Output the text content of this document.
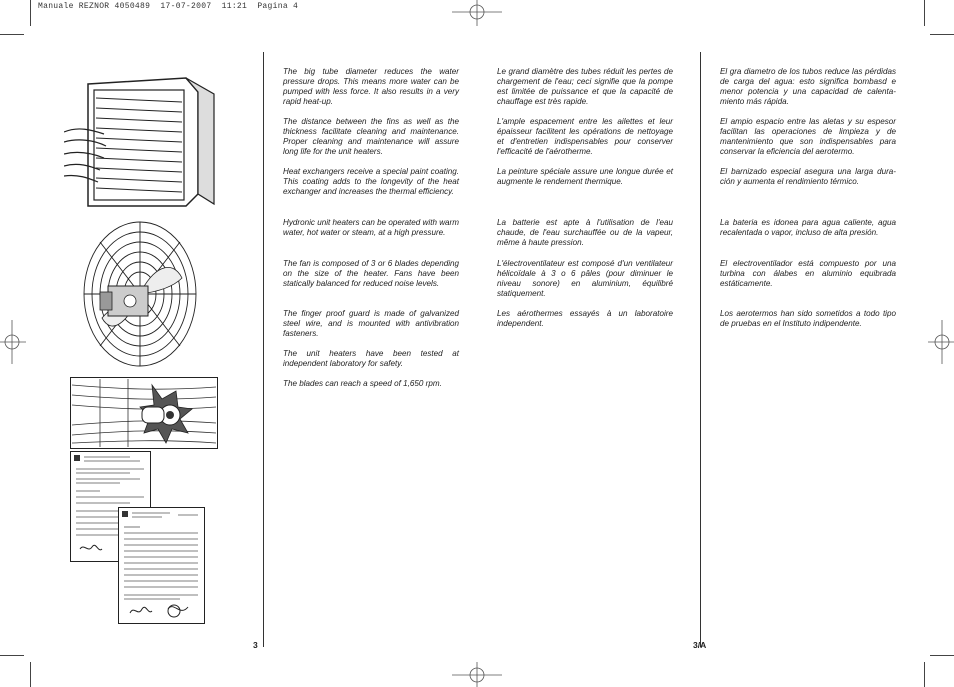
Manuale REZNOR 4050489  17-07-2007  11:21  Pagina 4

The big tube diameter reduces the water pressure drops. This means more water can be pumped with less force. It also results in a very rapid heat-up.

The distance between the fins as well as the thickness facilitate cleaning and maintenance. Proper cleaning and maintenance will assure long life for the unit heaters.

Heat exchangers receive a special paint coating. This coating adds to the longevity of the heat exchanger and increases the thermal efficiency.

Hydronic unit heaters can be operated with warm water, hot water or steam, at a high pressure.

The fan is composed of 3 or 6 blades depending on the size of the heater. Fans have been statically balanced for reduced noise levels.

The finger proof guard is made of galvanized steel wire, and is mounted with antivibration fasteners.

The unit heaters have been tested at independent laboratory for safety.

The blades can reach a speed of 1,650 rpm.

Le grand diamètre des tubes réduit les pertes de chargement de l'eau; ceci signifie que la pompe est limitée de puissance et que la capacité de chauffage est très rapide.

L'ample espacement entre les ailettes et leur épaisseur facilitent les opérations de nettoyage et d'entretien indispensables pour conserver l'efficacité de l'aérotherme.

La peinture spéciale assure une longue durée et augmente le rendement thermique.

La batterie est apte à l'utilisation de l'eau chaude, de l'eau surchauffée ou de la vapeur, même à haute pression.

L'électroventilateur est composé d'un ventilateur hélicoïdale à 3 o 6 pâles (pour diminuer le niveau sonore) en aluminium, équilibré statiquement.

Les aérothermes essayés à un laboratoire independent.

El gra diametro de los tubos reduce las pérdidas de carga del agua: esto significa bombasd e menor potencia y una capacidad de calenta-miento más rápida.

El ampio espacio entre las aletas y su espesor facilitan las operaciones de limpieza y de mantenimiento que son indispensables para conservar la eficiencia del aerotermo.

El barnizado especial asegura una larga dura-ción y aumenta el rendimiento térmico.

La bateria es idonea para agua caliente, agua recalentada o vapor, incluso de alta presión.

El electroventilador está compuesto por una turbina con álabes en aluminio equibrada estáticamente.

Los aerotermos han sido sometidos a todo tipo de pruebas en el Instituto indipendente.

3	3/A
